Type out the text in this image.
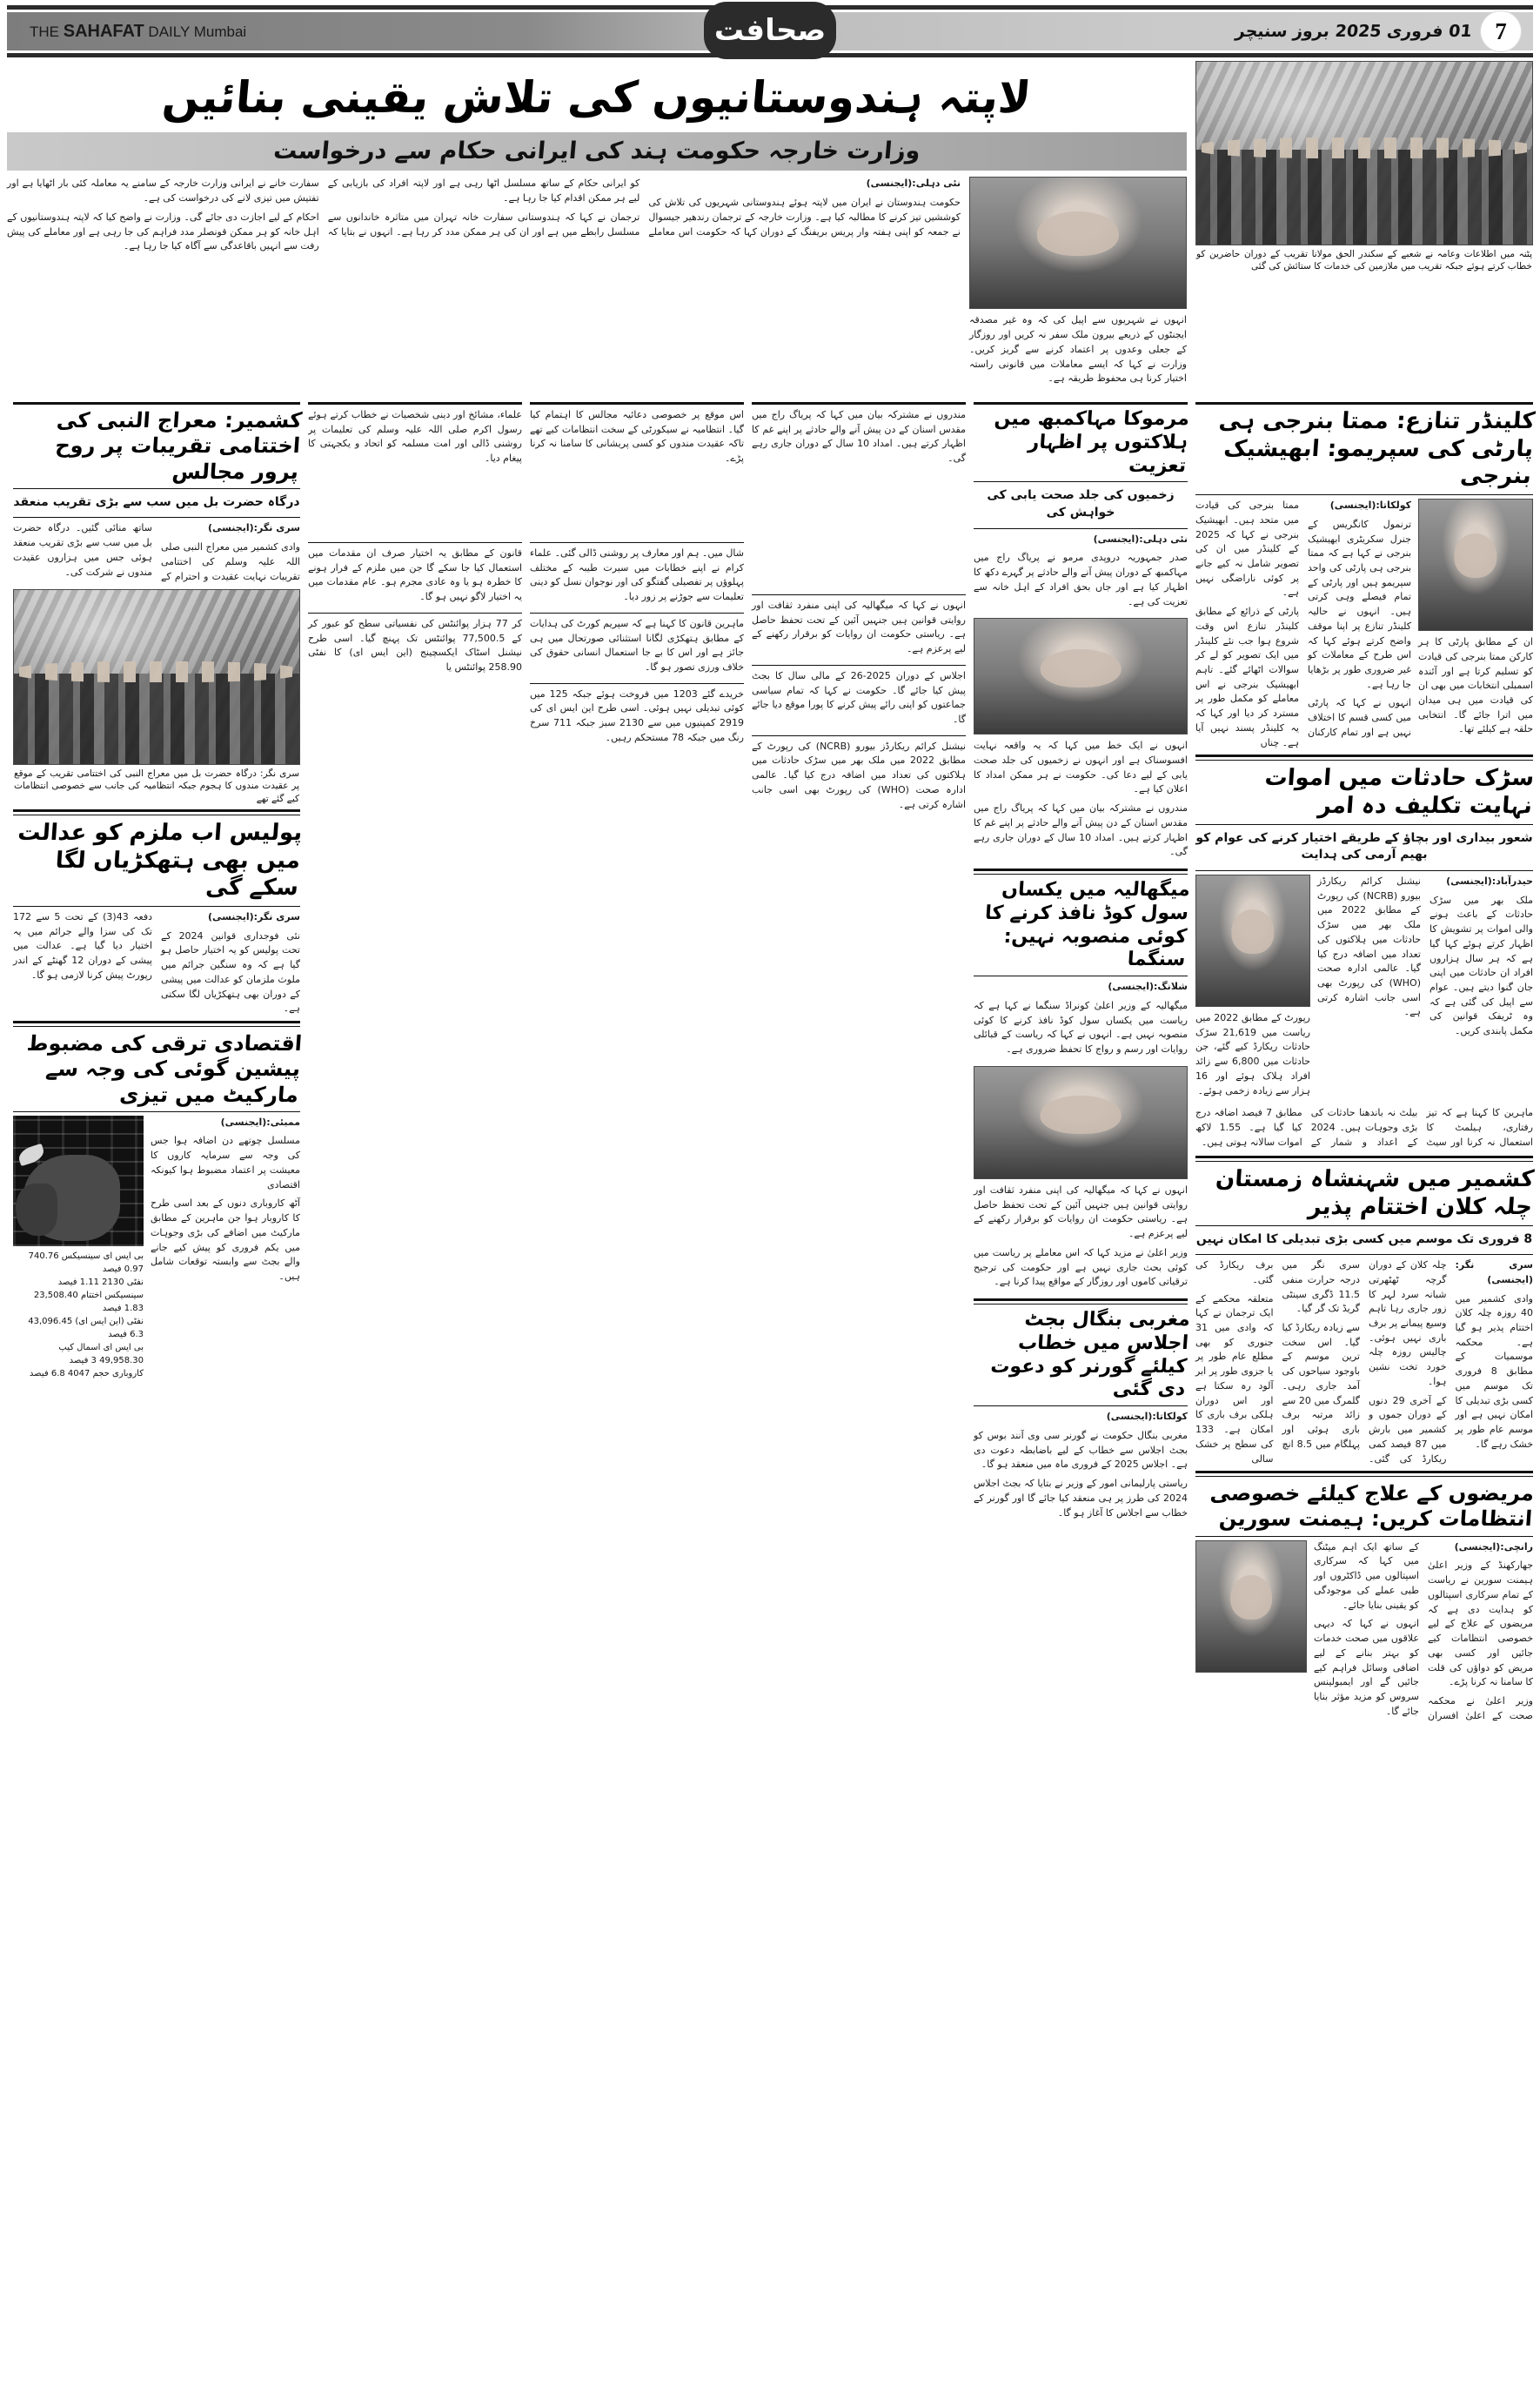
7
01 فروری 2025 بروز سنیچر
THE SAHAFAT DAILY Mumbai	صحافت
پٹنہ میں اطلاعات وعامہ نے شعبے کے سکندر الحق مولانا تقریب کے دوران حاضرین کو خطاب کرتے ہوئے جبکہ تقریب میں ملازمین کی خدمات کا ستائش کی گئی
لاپتہ ہندوستانیوں کی تلاش یقینی بنائیں
وزارت خارجہ حکومت ہند کی ایرانی حکام سے درخواست

انہوں نے شہریوں سے اپیل کی کہ وہ غیر مصدقہ ایجنٹوں کے ذریعے بیرون ملک سفر نہ کریں اور روزگار کے جعلی وعدوں پر اعتماد کرنے سے گریز کریں۔ وزارت نے کہا کہ ایسے معاملات میں قانونی راستہ اختیار کرنا ہی محفوظ طریقہ ہے۔

نئی دہلی:(ایجنسی)

حکومت ہندوستان نے ایران میں لاپتہ ہوئے ہندوستانی شہریوں کی تلاش کی کوششیں تیز کرنے کا مطالبہ کیا ہے۔ وزارت خارجہ کے ترجمان رندھیر جیسوال نے جمعہ کو اپنی ہفتہ وار پریس بریفنگ کے دوران کہا کہ حکومت اس معاملے کو ایرانی حکام کے ساتھ مسلسل اٹھا رہی ہے اور لاپتہ افراد کی بازیابی کے لیے ہر ممکن اقدام کیا جا رہا ہے۔

ترجمان نے کہا کہ ہندوستانی سفارت خانہ تہران میں متاثرہ خاندانوں سے مسلسل رابطے میں ہے اور ان کی ہر ممکن مدد کر رہا ہے۔ انہوں نے بتایا کہ سفارت خانے نے ایرانی وزارت خارجہ کے سامنے یہ معاملہ کئی بار اٹھایا ہے اور تفتیش میں تیزی لانے کی درخواست کی ہے۔

احکام کے لیے اجازت دی جائے گی۔ وزارت نے واضح کیا کہ لاپتہ ہندوستانیوں کے اہل خانہ کو ہر ممکن قونصلر مدد فراہم کی جا رہی ہے اور معاملے کی پیش رفت سے انہیں باقاعدگی سے آگاہ کیا جا رہا ہے۔

کلینڈر تنازع: ممتا بنرجی ہی پارٹی کی سپریمو: ابھیشیک بنرجی

ان کے مطابق پارٹی کا ہر کارکن ممتا بنرجی کی قیادت کو تسلیم کرتا ہے اور آئندہ اسمبلی انتخابات میں بھی ان کی قیادت میں ہی میدان میں اترا جائے گا۔ انتخابی حلقہ ہے کیلئے تھا۔

کولکاتا:(ایجنسی)

ترنمول کانگریس کے جنرل سکریٹری ابھیشیک بنرجی نے کہا ہے کہ ممتا بنرجی ہی پارٹی کی واحد سپریمو ہیں اور پارٹی کے تمام فیصلے وہی کرتی ہیں۔ انہوں نے حالیہ کلینڈر تنازع پر اپنا موقف واضح کرتے ہوئے کہا کہ اس طرح کے معاملات کو غیر ضروری طور پر بڑھایا جا رہا ہے۔

انہوں نے کہا کہ پارٹی میں کسی قسم کا اختلاف نہیں ہے اور تمام کارکنان ممتا بنرجی کی قیادت میں متحد ہیں۔ ابھیشیک بنرجی نے کہا کہ 2025 کے کلینڈر میں ان کی تصویر شامل نہ کیے جانے پر کوئی ناراضگی نہیں ہے۔

پارٹی کے ذرائع کے مطابق کلینڈر تنازع اس وقت شروع ہوا جب نئے کلینڈر میں ایک تصویر کو لے کر سوالات اٹھائے گئے۔ تاہم ابھیشیک بنرجی نے اس معاملے کو مکمل طور پر مسترد کر دیا اور کہا کہ یہ کلینڈر پسند نہیں آیا ہے۔ چناں

سڑک حادثات میں اموات نہایت تکلیف دہ امر
شعور بیداری اور بچاؤ کے طریقے اختیار کرنے کی عوام کو بھیم آرمی کی ہدایت

حیدرآباد:(ایجنسی)

ملک بھر میں سڑک حادثات کے باعث ہونے والی اموات پر تشویش کا اظہار کرتے ہوئے کہا گیا ہے کہ ہر سال ہزاروں افراد ان حادثات میں اپنی جان گنوا دیتے ہیں۔ عوام سے اپیل کی گئی ہے کہ وہ ٹریفک قوانین کی مکمل پابندی کریں۔

نیشنل کرائم ریکارڈز بیورو (NCRB) کی رپورٹ کے مطابق 2022 میں ملک بھر میں سڑک حادثات میں ہلاکتوں کی تعداد میں اضافہ درج کیا گیا۔ عالمی ادارہ صحت (WHO) کی رپورٹ بھی اسی جانب اشارہ کرتی ہے۔

رپورٹ کے مطابق 2022 میں ریاست میں 21,619 سڑک حادثات ریکارڈ کیے گئے، جن حادثات میں 6,800 سے زائد افراد ہلاک ہوئے اور 16 ہزار سے زیادہ زخمی ہوئے۔

ماہرین کا کہنا ہے کہ تیز رفتاری، ہیلمٹ کا استعمال نہ کرنا اور سیٹ بیلٹ نہ باندھنا حادثات کی بڑی وجوہات ہیں۔ 2024 کے اعداد و شمار کے مطابق 7 فیصد اضافہ درج کیا گیا ہے۔ 1.55 لاکھ اموات سالانہ ہوتی ہیں۔

کشمیر میں شہنشاہ زمستان چلہ کلان اختتام پذیر
8 فروری تک موسم میں کسی بڑی تبدیلی کا امکان نہیں

سری نگر:(ایجنسی)

وادی کشمیر میں 40 روزہ چلہ کلان اختتام پذیر ہو گیا ہے۔ محکمہ موسمیات کے مطابق 8 فروری تک موسم میں کسی بڑی تبدیلی کا امکان نہیں ہے اور موسم عام طور پر خشک رہے گا۔

چلہ کلان کے دوران گرچہ ٹھٹھرتی شبانہ سرد لہر کا زور جاری رہا تاہم وسیع پیمانے پر برف باری نہیں ہوئی۔ چالیس روزہ چلہ خورد تخت نشین ہوا۔

کے آخری 29 دنوں کے دوران جموں و کشمیر میں بارش میں 87 فیصد کمی ریکارڈ کی گئی۔ سری نگر میں درجہ حرارت منفی 11.5 ڈگری سینٹی گریڈ تک گر گیا۔

سے زیادہ ریکارڈ کیا گیا۔ اس سخت ترین موسم کے باوجود سیاحوں کی آمد جاری رہی۔ گلمرگ میں 20 سے زائد مرتبہ برف باری ہوئی اور پہلگام میں 8.5 انچ برف ریکارڈ کی گئی۔

متعلقہ محکمے کے ایک ترجمان نے کہا کہ وادی میں 31 جنوری کو بھی مطلع عام طور پر یا جزوی طور پر ابر آلود رہ سکتا ہے اور اس دوران ہلکی برف باری کا امکان ہے۔ 133 کی سطح پر خشک سالی

مریضوں کے علاج کیلئے خصوصی انتظامات کریں: ہیمنت سورین

رانچی:(ایجنسی)

جھارکھنڈ کے وزیر اعلیٰ ہیمنت سورین نے ریاست کے تمام سرکاری اسپتالوں کو ہدایت دی ہے کہ مریضوں کے علاج کے لیے خصوصی انتظامات کیے جائیں اور کسی بھی مریض کو دواؤں کی قلت کا سامنا نہ کرنا پڑے۔

وزیر اعلیٰ نے محکمہ صحت کے اعلیٰ افسران کے ساتھ ایک اہم میٹنگ میں کہا کہ سرکاری اسپتالوں میں ڈاکٹروں اور طبی عملے کی موجودگی کو یقینی بنایا جائے۔

انہوں نے کہا کہ دیہی علاقوں میں صحت خدمات کو بہتر بنانے کے لیے اضافی وسائل فراہم کیے جائیں گے اور ایمبولینس سروس کو مزید مؤثر بنایا جائے گا۔

مرموکا مہاکمبھ میں ہلاکتوں پر اظہار تعزیت
زخمیوں کی جلد صحت یابی کی خواہش کی

نئی دہلی:(ایجنسی)

صدر جمہوریہ دروپدی مرمو نے پریاگ راج میں مہاکمبھ کے دوران پیش آنے والے حادثے پر گہرے دکھ کا اظہار کیا ہے اور جاں بحق افراد کے اہل خانہ سے تعزیت کی ہے۔

انہوں نے ایک خط میں کہا کہ یہ واقعہ نہایت افسوسناک ہے اور انہوں نے زخمیوں کی جلد صحت یابی کے لیے دعا کی۔ حکومت نے ہر ممکن امداد کا اعلان کیا ہے۔

مندروں نے مشترکہ بیان میں کہا کہ پریاگ راج میں مقدس اسنان کے دن پیش آنے والے حادثے پر اپنے غم کا اظہار کرتے ہیں۔ امداد 10 سال کے دوران جاری رہے گی۔

میگھالیہ میں یکساں سول کوڈ نافذ کرنے کا کوئی منصوبہ نہیں: سنگما

شلانگ:(ایجنسی)

میگھالیہ کے وزیر اعلیٰ کونراڈ سنگما نے کہا ہے کہ ریاست میں یکساں سول کوڈ نافذ کرنے کا کوئی منصوبہ نہیں ہے۔ انہوں نے کہا کہ ریاست کے قبائلی روایات اور رسم و رواج کا تحفظ ضروری ہے۔

انہوں نے کہا کہ میگھالیہ کی اپنی منفرد ثقافت اور روایتی قوانین ہیں جنہیں آئین کے تحت تحفظ حاصل ہے۔ ریاستی حکومت ان روایات کو برقرار رکھنے کے لیے پرعزم ہے۔

وزیر اعلیٰ نے مزید کہا کہ اس معاملے پر ریاست میں کوئی بحث جاری نہیں ہے اور حکومت کی ترجیح ترقیاتی کاموں اور روزگار کے مواقع پیدا کرنا ہے۔

مغربی بنگال بجٹ اجلاس میں خطاب کیلئے گورنر کو دعوت دی گئی

کولکاتا:(ایجنسی)

مغربی بنگال حکومت نے گورنر سی وی آنند بوس کو بجٹ اجلاس سے خطاب کے لیے باضابطہ دعوت دی ہے۔ اجلاس 2025 کے فروری ماہ میں منعقد ہو گا۔

ریاستی پارلیمانی امور کے وزیر نے بتایا کہ بجٹ اجلاس 2024 کی طرز پر ہی منعقد کیا جائے گا اور گورنر کے خطاب سے اجلاس کا آغاز ہو گا۔

مندروں نے مشترکہ بیان میں کہا کہ پریاگ راج میں مقدس اسنان کے دن پیش آنے والے حادثے پر اپنے غم کا اظہار کرتے ہیں۔ امداد 10 سال کے دوران جاری رہے گی۔

انہوں نے کہا کہ میگھالیہ کی اپنی منفرد ثقافت اور روایتی قوانین ہیں جنہیں آئین کے تحت تحفظ حاصل ہے۔ ریاستی حکومت ان روایات کو برقرار رکھنے کے لیے پرعزم ہے۔

اجلاس کے دوران 2025-26 کے مالی سال کا بجٹ پیش کیا جائے گا۔ حکومت نے کہا کہ تمام سیاسی جماعتوں کو اپنی رائے پیش کرنے کا پورا موقع دیا جائے گا۔

نیشنل کرائم ریکارڈز بیورو (NCRB) کی رپورٹ کے مطابق 2022 میں ملک بھر میں سڑک حادثات میں ہلاکتوں کی تعداد میں اضافہ درج کیا گیا۔ عالمی ادارہ صحت (WHO) کی رپورٹ بھی اسی جانب اشارہ کرتی ہے۔

اس موقع پر خصوصی دعائیہ مجالس کا اہتمام کیا گیا۔ انتظامیہ نے سیکورٹی کے سخت انتظامات کیے تھے تاکہ عقیدت مندوں کو کسی پریشانی کا سامنا نہ کرنا پڑے۔

شال میں۔ ہم اور معارف پر روشنی ڈالی گئی۔ علماء کرام نے اپنے خطابات میں سیرت طیبہ کے مختلف پہلوؤں پر تفصیلی گفتگو کی اور نوجوان نسل کو دینی تعلیمات سے جوڑنے پر زور دیا۔

ماہرین قانون کا کہنا ہے کہ سپریم کورٹ کی ہدایات کے مطابق ہتھکڑی لگانا استثنائی صورتحال میں ہی جائز ہے اور اس کا بے جا استعمال انسانی حقوق کی خلاف ورزی تصور ہو گا۔

خریدے گئے 1203 میں فروخت ہوئے جبکہ 125 میں کوئی تبدیلی نہیں ہوئی۔ اسی طرح این ایس ای کی 2919 کمپنیوں میں سے 2130 سبز جبکہ 711 سرخ رنگ میں جبکہ 78 مستحکم رہیں۔

علماء، مشائخ اور دینی شخصیات نے خطاب کرتے ہوئے رسول اکرم صلی اللہ علیہ وسلم کی تعلیمات پر روشنی ڈالی اور امت مسلمہ کو اتحاد و یکجہتی کا پیغام دیا۔

قانون کے مطابق یہ اختیار صرف ان مقدمات میں استعمال کیا جا سکے گا جن میں ملزم کے فرار ہونے کا خطرہ ہو یا وہ عادی مجرم ہو۔ عام مقدمات میں یہ اختیار لاگو نہیں ہو گا۔

کر 77 ہزار پوائنٹس کی نفسیاتی سطح کو عبور کر کے 77,500.5 پوائنٹس تک پہنچ گیا۔ اسی طرح نیشنل اسٹاک ایکسچینج (این ایس ای) کا نفٹی 258.90 پوائنٹس یا

کشمیر: معراج النبی کی اختتامی تقریبات پر روح پرور مجالس
درگاہ حضرت بل میں سب سے بڑی تقریب منعقد

سری نگر:(ایجنسی)

وادی کشمیر میں معراج النبی صلی اللہ علیہ وسلم کی اختتامی تقریبات نہایت عقیدت و احترام کے ساتھ منائی گئیں۔ درگاہ حضرت بل میں سب سے بڑی تقریب منعقد ہوئی جس میں ہزاروں عقیدت مندوں نے شرکت کی۔

سری نگر: درگاہ حضرت بل میں معراج النبی کی اختتامی تقریب کے موقع پر عقیدت مندوں کا ہجوم جبکہ انتظامیہ کی جانب سے خصوصی انتظامات کیے گئے تھے
پولیس اب ملزم کو عدالت میں بھی ہتھکڑیاں لگا سکے گی

سری نگر:(ایجنسی)

نئی فوجداری قوانین 2024 کے تحت پولیس کو یہ اختیار حاصل ہو گیا ہے کہ وہ سنگین جرائم میں ملوث ملزمان کو عدالت میں پیشی کے دوران بھی ہتھکڑیاں لگا سکتی ہے۔

دفعہ 43(3) کے تحت 5 سے 172 تک کی سزا والے جرائم میں یہ اختیار دیا گیا ہے۔ عدالت میں پیشی کے دوران 12 گھنٹے کے اندر رپورٹ پیش کرنا لازمی ہو گا۔

اقتصادی ترقی کی مضبوط پیشین گوئی کی وجہ سے مارکیٹ میں تیزی

ممبئی:(ایجنسی)

مسلسل چوتھے دن اضافہ ہوا جس کی وجہ سے سرمایہ کاروں کا معیشت پر اعتماد مضبوط ہوا کیونکہ اقتصادی

آٹھ کاروباری دنوں کے بعد اسی طرح کا کاروبار ہوا جن ماہرین کے مطابق مارکیٹ میں اضافے کی بڑی وجوہات میں یکم فروری کو پیش کیے جانے والے بجٹ سے وابستہ توقعات شامل ہیں۔

بی ایس ای سینسیکس 740.76 0.97 فیصد
نفٹی 2130 1.11 فیصد
سینسیکس اختتام 23,508.40 1.83 فیصد
نفٹی (این ایس ای) 43,096.45 6.3 فیصد
بی ایس ای اسمال کیپ 49,958.30 3 فیصد
کاروباری حجم 4047 6.8 فیصد
